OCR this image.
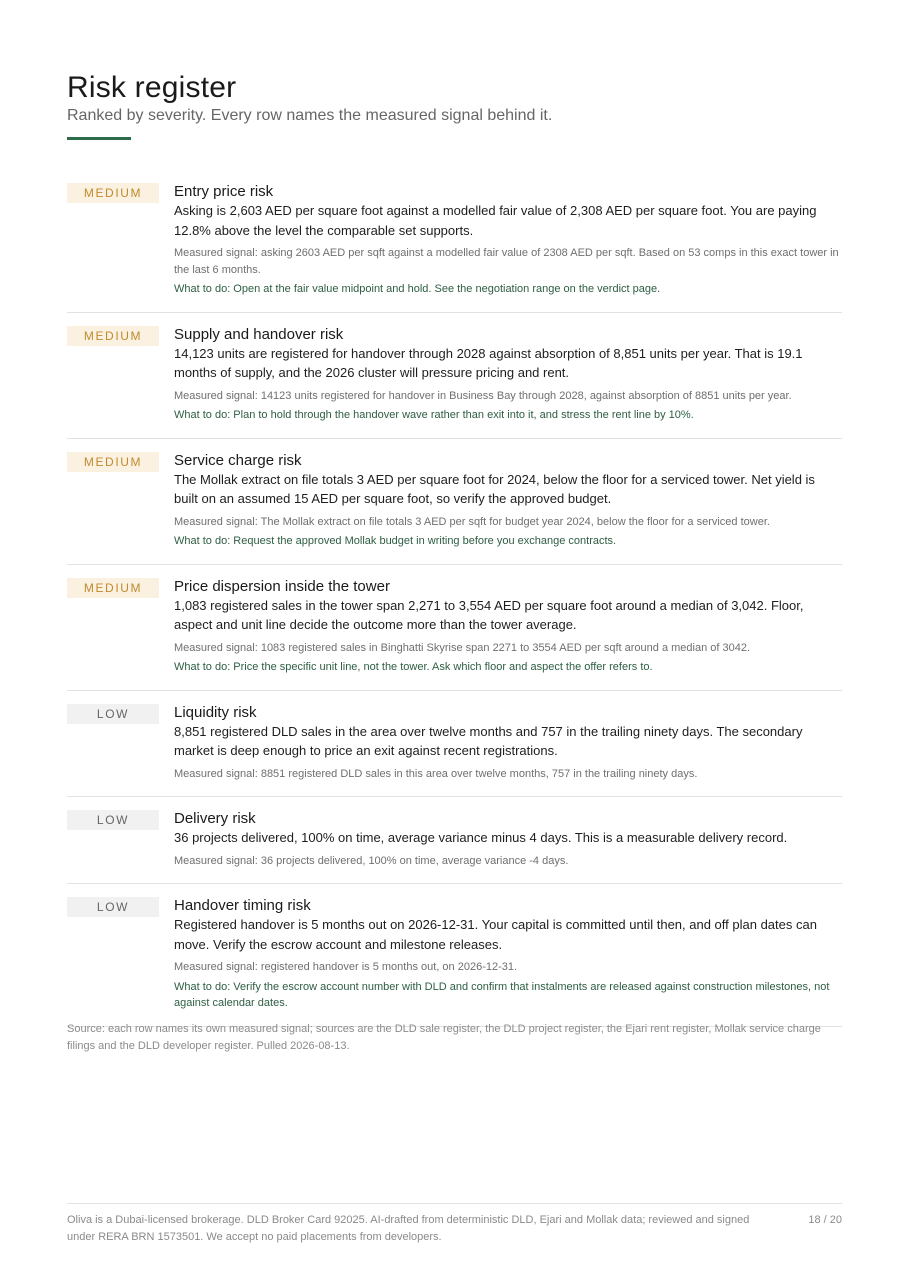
Risk register
Ranked by severity. Every row names the measured signal behind it.
MEDIUM	Entry price risk
Asking is 2,603 AED per square foot against a modelled fair value of 2,308 AED per square foot. You are paying 12.8% above the level the comparable set supports.
Measured signal: asking 2603 AED per sqft against a modelled fair value of 2308 AED per sqft. Based on 53 comps in this exact tower in the last 6 months.
What to do: Open at the fair value midpoint and hold. See the negotiation range on the verdict page.
MEDIUM	Supply and handover risk
14,123 units are registered for handover through 2028 against absorption of 8,851 units per year. That is 19.1 months of supply, and the 2026 cluster will pressure pricing and rent.
Measured signal: 14123 units registered for handover in Business Bay through 2028, against absorption of 8851 units per year.
What to do: Plan to hold through the handover wave rather than exit into it, and stress the rent line by 10%.
MEDIUM	Service charge risk
The Mollak extract on file totals 3 AED per square foot for 2024, below the floor for a serviced tower. Net yield is built on an assumed 15 AED per square foot, so verify the approved budget.
Measured signal: The Mollak extract on file totals 3 AED per sqft for budget year 2024, below the floor for a serviced tower.
What to do: Request the approved Mollak budget in writing before you exchange contracts.
MEDIUM	Price dispersion inside the tower
1,083 registered sales in the tower span 2,271 to 3,554 AED per square foot around a median of 3,042. Floor, aspect and unit line decide the outcome more than the tower average.
Measured signal: 1083 registered sales in Binghatti Skyrise span 2271 to 3554 AED per sqft around a median of 3042.
What to do: Price the specific unit line, not the tower. Ask which floor and aspect the offer refers to.
LOW	Liquidity risk
8,851 registered DLD sales in the area over twelve months and 757 in the trailing ninety days. The secondary market is deep enough to price an exit against recent registrations.
Measured signal: 8851 registered DLD sales in this area over twelve months, 757 in the trailing ninety days.
LOW	Delivery risk
36 projects delivered, 100% on time, average variance minus 4 days. This is a measurable delivery record.
Measured signal: 36 projects delivered, 100% on time, average variance -4 days.
LOW	Handover timing risk
Registered handover is 5 months out on 2026-12-31. Your capital is committed until then, and off plan dates can move. Verify the escrow account and milestone releases.
Measured signal: registered handover is 5 months out, on 2026-12-31.
What to do: Verify the escrow account number with DLD and confirm that instalments are released against construction milestones, not against calendar dates.
Source: each row names its own measured signal; sources are the DLD sale register, the DLD project register, the Ejari rent register, Mollak service charge filings and the DLD developer register. Pulled 2026-08-13.
Oliva is a Dubai-licensed brokerage. DLD Broker Card 92025. AI-drafted from deterministic DLD, Ejari and Mollak data; reviewed and signed under RERA BRN 1573501. We accept no paid placements from developers.
18 / 20
